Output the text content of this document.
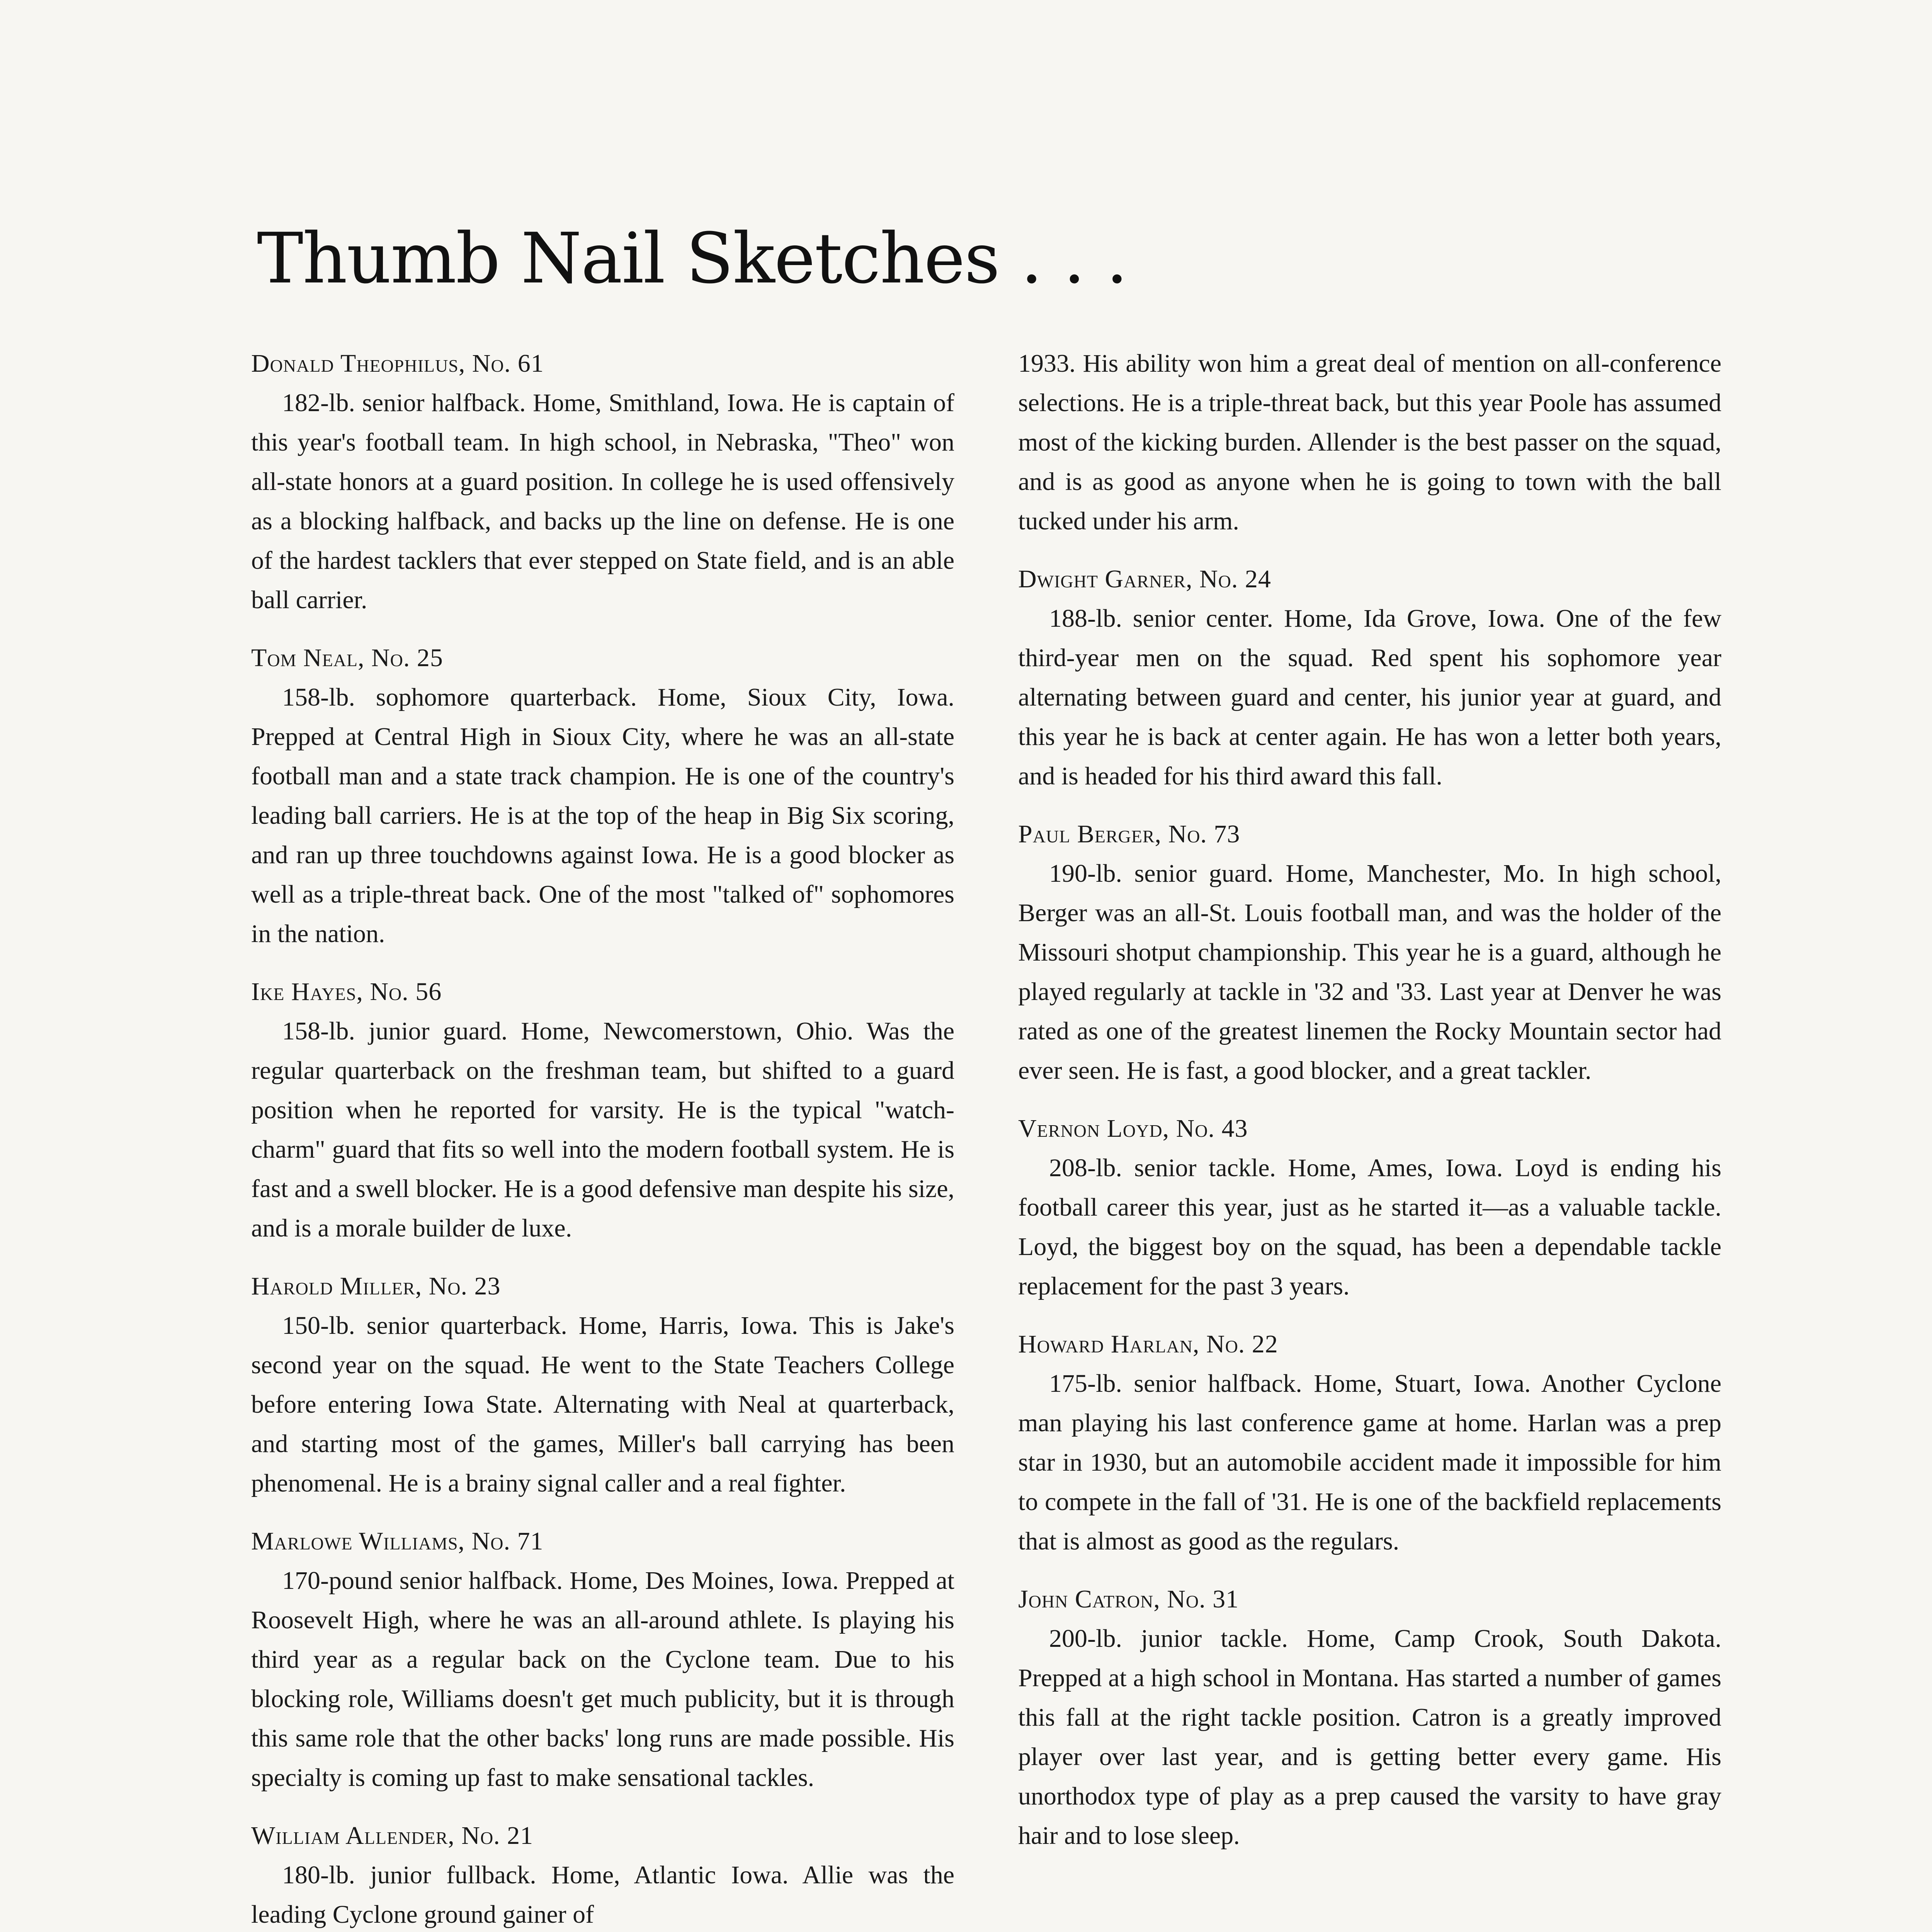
Thumb Nail Sketches . . .
Donald Theophilus, No. 61

182-lb. senior halfback. Home, Smithland, Iowa. He is captain of this year's football team. In high school, in Nebraska, "Theo" won all-state honors at a guard position. In college he is used offensively as a blocking halfback, and backs up the line on defense. He is one of the hardest tacklers that ever stepped on State field, and is an able ball carrier.

Tom Neal, No. 25

158-lb. sophomore quarterback. Home, Sioux City, Iowa. Prepped at Central High in Sioux City, where he was an all-state football man and a state track champion. He is one of the country's leading ball carriers. He is at the top of the heap in Big Six scoring, and ran up three touchdowns against Iowa. He is a good blocker as well as a triple-threat back. One of the most "talked of" sophomores in the nation.

Ike Hayes, No. 56

158-lb. junior guard. Home, Newcomerstown, Ohio. Was the regular quarterback on the freshman team, but shifted to a guard position when he reported for varsity. He is the typical "watch-charm" guard that fits so well into the modern football system. He is fast and a swell blocker. He is a good defensive man despite his size, and is a morale builder de luxe.

Harold Miller, No. 23

150-lb. senior quarterback. Home, Harris, Iowa. This is Jake's second year on the squad. He went to the State Teachers College before entering Iowa State. Alternating with Neal at quarterback, and starting most of the games, Miller's ball carrying has been phenomenal. He is a brainy signal caller and a real fighter.

Marlowe Williams, No. 71

170-pound senior halfback. Home, Des Moines, Iowa. Prepped at Roosevelt High, where he was an all-around athlete. Is playing his third year as a regular back on the Cyclone team. Due to his blocking role, Williams doesn't get much publicity, but it is through this same role that the other backs' long runs are made possible. His specialty is coming up fast to make sensational tackles.

William Allender, No. 21

180-lb. junior fullback. Home, Atlantic Iowa. Allie was the leading Cyclone ground gainer of

1933. His ability won him a great deal of mention on all-conference selections. He is a triple-threat back, but this year Poole has assumed most of the kicking burden. Allender is the best passer on the squad, and is as good as anyone when he is going to town with the ball tucked under his arm.

Dwight Garner, No. 24

188-lb. senior center. Home, Ida Grove, Iowa. One of the few third-year men on the squad. Red spent his sophomore year alternating between guard and center, his junior year at guard, and this year he is back at center again. He has won a letter both years, and is headed for his third award this fall.

Paul Berger, No. 73

190-lb. senior guard. Home, Manchester, Mo. In high school, Berger was an all-St. Louis football man, and was the holder of the Missouri shotput championship. This year he is a guard, although he played regularly at tackle in '32 and '33. Last year at Denver he was rated as one of the greatest linemen the Rocky Mountain sector had ever seen. He is fast, a good blocker, and a great tackler.

Vernon Loyd, No. 43

208-lb. senior tackle. Home, Ames, Iowa. Loyd is ending his football career this year, just as he started it—as a valuable tackle. Loyd, the biggest boy on the squad, has been a dependable tackle replacement for the past 3 years.

Howard Harlan, No. 22

175-lb. senior halfback. Home, Stuart, Iowa. Another Cyclone man playing his last conference game at home. Harlan was a prep star in 1930, but an automobile accident made it impossible for him to compete in the fall of '31. He is one of the backfield replacements that is almost as good as the regulars.

John Catron, No. 31

200-lb. junior tackle. Home, Camp Crook, South Dakota. Prepped at a high school in Montana. Has started a number of games this fall at the right tackle position. Catron is a greatly improved player over last year, and is getting better every game. His unorthodox type of play as a prep caused the varsity to have gray hair and to lose sleep.
